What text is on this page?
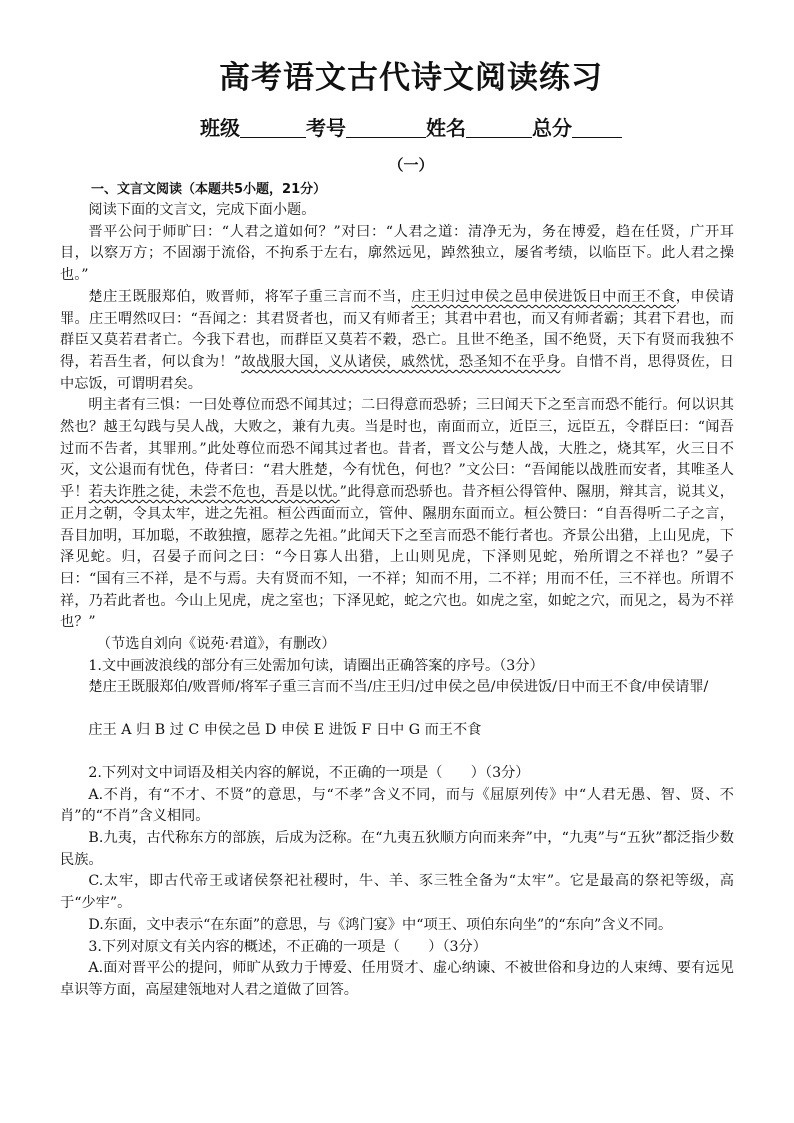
高考语文古代诗文阅读练习
班级	考号	姓名	总分
（一）
一、文言文阅读（本题共5小题，21分）

阅读下面的文言文，完成下面小题。

晋平公问于师旷曰：“人君之道如何？”对曰：“人君之道：清净无为，务在博爱，趋在任贤，广开耳目，以察万方；不固溺于流俗，不拘系于左右，廓然远见，踔然独立，屡省考绩，以临臣下。此人君之操也。”

楚庄王既服郑伯，败晋师，将军子重三言而不当，庄王归过申侯之邑申侯进饭日中而王不食，申侯请罪。庄王喟然叹曰：“吾闻之：其君贤者也，而又有师者王；其君中君也，而又有师者霸；其君下君也，而群臣又莫若君者亡。今我下君也，而群臣又莫若不穀，恐亡。且世不绝圣，国不绝贤，天下有贤而我独不得，若吾生者，何以食为！”故战服大国，义从诸侯，戚然忧，恐圣知不在乎身。自惜不肖，思得贤佐，日中忘饭，可谓明君矣。

明主者有三惧：一曰处尊位而恐不闻其过；二曰得意而恐骄；三曰闻天下之至言而恐不能行。何以识其然也？越王勾践与吴人战，大败之，兼有九夷。当是时也，南面而立，近臣三，远臣五，令群臣曰：“闻吾过而不告者，其罪刑。”此处尊位而恐不闻其过者也。昔者，晋文公与楚人战，大胜之，烧其军，火三日不灭，文公退而有忧色，侍者曰：“君大胜楚，今有忧色，何也？”文公曰：“吾闻能以战胜而安者，其唯圣人乎！若夫诈胜之徒，未尝不危也，吾是以忧。”此得意而恐骄也。昔齐桓公得管仲、隰朋，辩其言，说其义，正月之朝，令具太牢，进之先祖。桓公西面而立，管仲、隰朋东面而立。桓公赞曰：“自吾得听二子之言，吾目加明，耳加聪，不敢独擅，愿荐之先祖。”此闻天下之至言而恐不能行者也。齐景公出猎，上山见虎，下泽见蛇。归，召晏子而问之曰：“今日寡人出猎，上山则见虎，下泽则见蛇，殆所谓之不祥也？”晏子曰：“国有三不祥，是不与焉。夫有贤而不知，一不祥；知而不用，二不祥；用而不任，三不祥也。所谓不祥，乃若此者也。今山上见虎，虎之室也；下泽见蛇，蛇之穴也。如虎之室，如蛇之穴，而见之，曷为不祥也？”

（节选自刘向《说苑·君道》，有删改）

1.文中画波浪线的部分有三处需加句读，请圈出正确答案的序号。（3分）

楚庄王既服郑伯/败晋师/将军子重三言而不当/庄王归/过申侯之邑/申侯进饭/日中而王不食/申侯请罪/

庄王 A 归 B 过 C 申侯之邑 D 申侯 E 进饭 F 日中 G 而王不食

2.下列对文中词语及相关内容的解说，不正确的一项是（　　）（3分）

A.不肖，有“不才、不贤”的意思，与“不孝”含义不同，而与《屈原列传》中“人君无愚、智、贤、不肖”的“不肖”含义相同。

B.九夷，古代称东方的部族，后成为泛称。在“九夷五狄顺方向而来奔”中，“九夷”与“五狄”都泛指少数民族。

C.太牢，即古代帝王或诸侯祭祀社稷时，牛、羊、豕三牲全备为“太牢”。它是最高的祭祀等级，高于“少牢”。

D.东面，文中表示“在东面”的意思，与《鸿门宴》中“项王、项伯东向坐”的“东向”含义不同。

3.下列对原文有关内容的概述，不正确的一项是（　　）（3分）

A.面对晋平公的提问，师旷从致力于博爱、任用贤才、虚心纳谏、不被世俗和身边的人束缚、要有远见卓识等方面，高屋建瓴地对人君之道做了回答。
